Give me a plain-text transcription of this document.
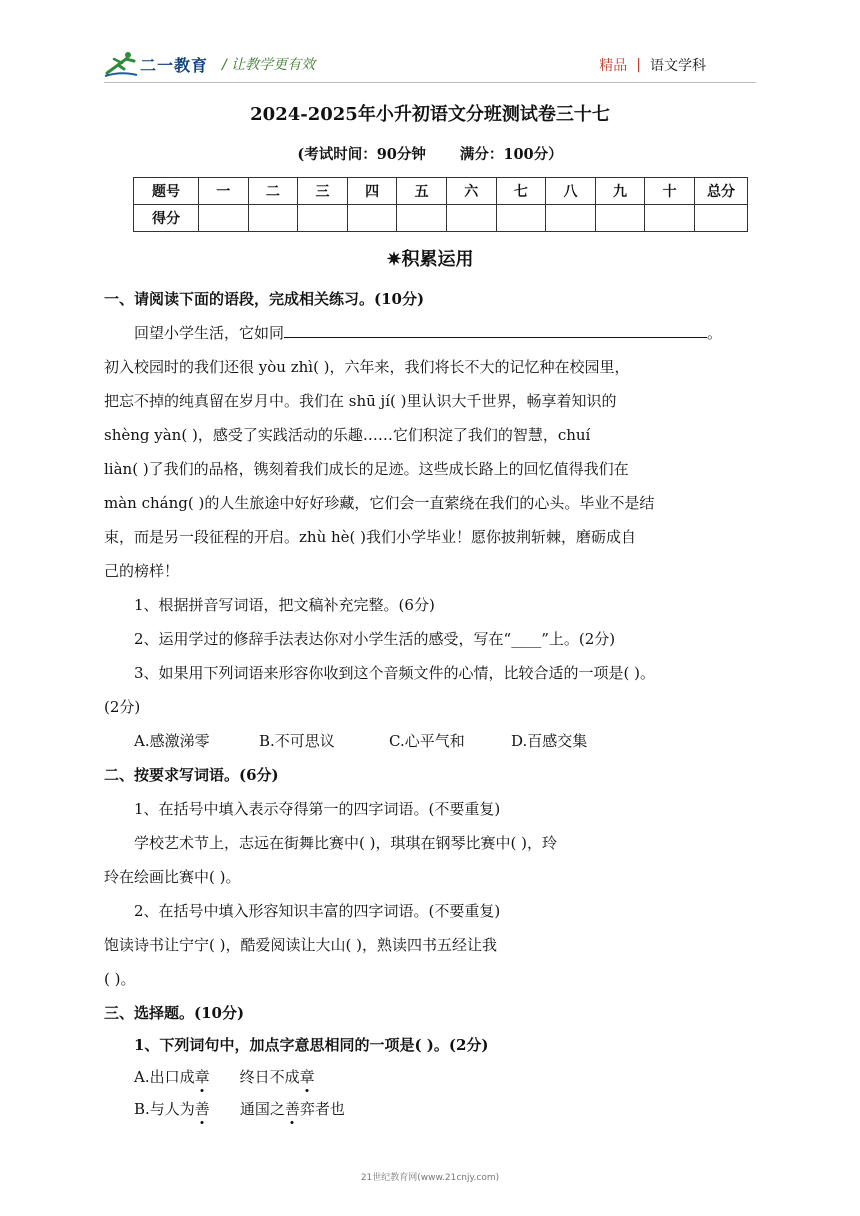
二一教育 / 让教学更有效	精品 | 语文学科
2024-2025年小升初语文分班测试卷三十七
(考试时间：90分钟 满分：100分）
题号	一	二	三	四	五	六	七	八	九	十	总分
得分											
✷积累运用
一、请阅读下面的语段，完成相关练习。(10分)
回望小学生活，它如同	。
初入校园时的我们还很 yòu zhì( )，六年来，我们将长不大的记忆种在校园里，
把忘不掉的纯真留在岁月中。我们在 shū jí( )里认识大千世界，畅享着知识的
shèng yàn( )，感受了实践活动的乐趣……它们积淀了我们的智慧，chuí
liàn( )了我们的品格，镌刻着我们成长的足迹。这些成长路上的回忆值得我们在
màn cháng( )的人生旅途中好好珍藏，它们会一直萦绕在我们的心头。毕业不是结
束，而是另一段征程的开启。zhù hè( )我们小学毕业！愿你披荆斩棘，磨砺成自
己的榜样！
1、根据拼音写词语，把文稿补充完整。(6分)
2、运用学过的修辞手法表达你对小学生活的感受，写在“____”上。(2分)
3、如果用下列词语来形容你收到这个音频文件的心情，比较合适的一项是( )。
(2分)
A.感激涕零	B.不可思议	C.心平气和	D.百感交集
二、按要求写词语。(6分)
1、在括号中填入表示夺得第一的四字词语。(不要重复)
学校艺术节上，志远在街舞比赛中( )，琪琪在钢琴比赛中( )，玲
玲在绘画比赛中( )。
2、在括号中填入形容知识丰富的四字词语。(不要重复)
饱读诗书让宁宁( )，酷爱阅读让大山( )，熟读四书五经让我
( )。
三、选择题。(10分)
1、下列词句中，加点字意思相同的一项是( )。(2分)
A.出口成章 终日不成章
B.与人为善 通国之善弈者也
21世纪教育网(www.21cnjy.com)
